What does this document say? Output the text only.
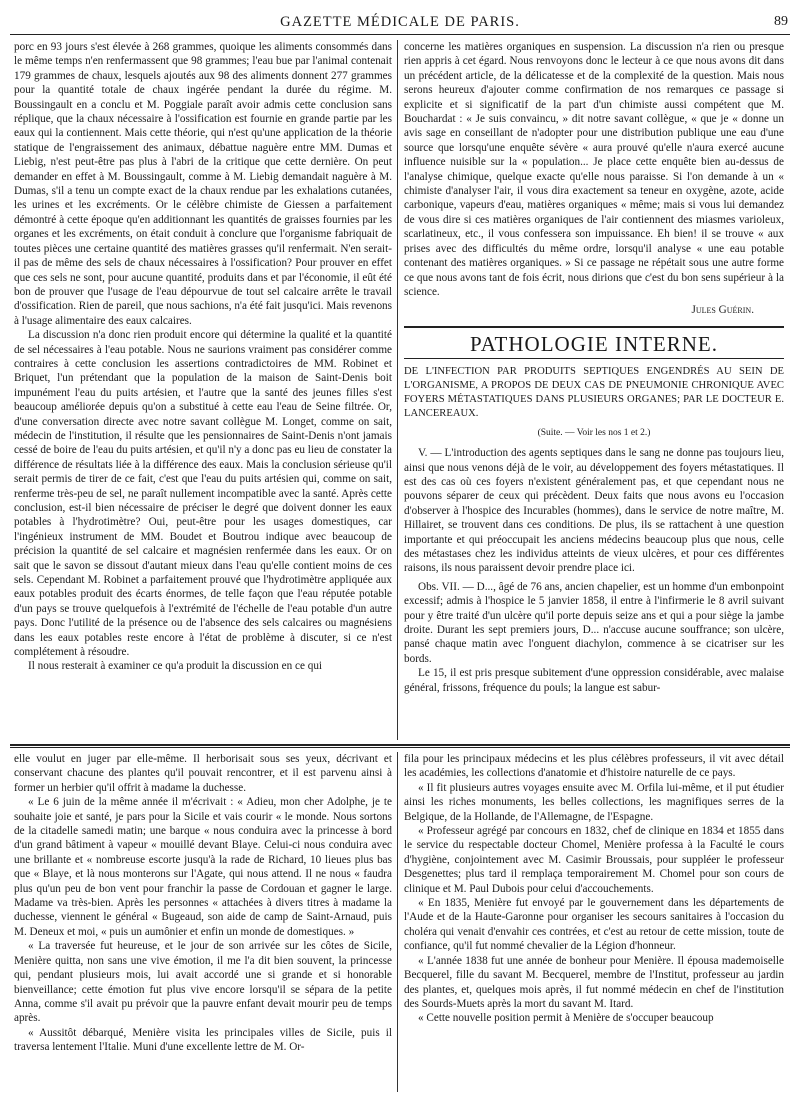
GAZETTE MÉDICALE DE PARIS.	89

porc en 93 jours s'est élevée à 268 grammes, quoique les aliments consommés dans le même temps n'en renfermassent que 98 grammes; l'eau bue par l'animal contenait 179 grammes de chaux, lesquels ajoutés aux 98 des aliments donnent 277 grammes pour la quantité totale de chaux ingérée pendant la durée du régime. M. Boussingault en a conclu et M. Poggiale paraît avoir admis cette conclusion sans réplique, que la chaux nécessaire à l'ossification est fournie en grande partie par les eaux qui la contiennent. Mais cette théorie, qui n'est qu'une application de la théorie statique de l'engraissement des animaux, débattue naguère entre MM. Dumas et Liebig, n'est peut-être pas plus à l'abri de la critique que cette dernière. On peut demander en effet à M. Boussingault, comme à M. Liebig demandait naguère à M. Dumas, s'il a tenu un compte exact de la chaux rendue par les exhalations cutanées, les urines et les excréments. Or le célèbre chimiste de Giessen a parfaitement démontré à cette époque qu'en additionnant les quantités de graisses fournies par les organes et les excréments, on était conduit à conclure que l'organisme fabriquait de toutes pièces une certaine quantité des matières grasses qu'il renfermait. N'en serait-il pas de même des sels de chaux nécessaires à l'ossification? Pour prouver en effet que ces sels ne sont, pour aucune quantité, produits dans et par l'économie, il eût été bon de prouver que l'usage de l'eau dépourvue de tout sel calcaire arrête le travail d'ossification. Rien de pareil, que nous sachions, n'a été fait jusqu'ici. Mais revenons à l'usage alimentaire des eaux calcaires.

La discussion n'a donc rien produit encore qui détermine la qualité et la quantité de sel nécessaires à l'eau potable. Nous ne saurions vraiment pas considérer comme contraires à cette conclusion les assertions contradictoires de MM. Robinet et Briquet, l'un prétendant que la population de la maison de Saint-Denis boit impunément l'eau du puits artésien, et l'autre que la santé des jeunes filles s'est beaucoup améliorée depuis qu'on a substitué à cette eau l'eau de Seine filtrée. Or, d'une conversation directe avec notre savant collègue M. Longet, comme on sait, médecin de l'institution, il résulte que les pensionnaires de Saint-Denis n'ont jamais cessé de boire de l'eau du puits artésien, et qu'il n'y a donc pas eu lieu de constater la différence de résultats liée à la différence des eaux. Mais la conclusion sérieuse qu'il serait permis de tirer de ce fait, c'est que l'eau du puits artésien qui, comme on sait, renferme très-peu de sel, ne paraît nullement incompatible avec la santé. Après cette conclusion, est-il bien nécessaire de préciser le degré que doivent donner les eaux potables à l'hydrotimètre? Oui, peut-être pour les usages domestiques, car l'ingénieux instrument de MM. Boudet et Boutrou indique avec beaucoup de précision la quantité de sel calcaire et magnésien renfermée dans les eaux. Or on sait que le savon se dissout d'autant mieux dans l'eau qu'elle contient moins de ces sels. Cependant M. Robinet a parfaitement prouvé que l'hydrotimètre appliquée aux eaux potables produit des écarts énormes, de telle façon que l'eau réputée potable d'un pays se trouve quelquefois à l'extrémité de l'échelle de l'eau potable d'un autre pays. Donc l'utilité de la présence ou de l'absence des sels calcaires ou magnésiens dans les eaux potables reste encore à l'état de problème à discuter, si ce n'est complétement à résoudre.

Il nous resterait à examiner ce qu'a produit la discussion en ce qui

concerne les matières organiques en suspension. La discussion n'a rien ou presque rien appris à cet égard. Nous renvoyons donc le lecteur à ce que nous avons dit dans un précédent article, de la délicatesse et de la complexité de la question. Mais nous serons heureux d'ajouter comme confirmation de nos remarques ce passage si explicite et si significatif de la part d'un chimiste aussi compétent que M. Bouchardat : « Je suis convaincu, » dit notre savant collègue, « que je « donne un avis sage en conseillant de n'adopter pour une distribution publique une eau d'une source que lorsqu'une enquête sévère « aura prouvé qu'elle n'aura exercé aucune influence nuisible sur la « population... Je place cette enquête bien au-dessus de l'analyse chimique, quelque exacte qu'elle nous paraisse. Si l'on demande à un « chimiste d'analyser l'air, il vous dira exactement sa teneur en oxygène, azote, acide carbonique, vapeurs d'eau, matières organiques « même; mais si vous lui demandez de vous dire si ces matières organiques de l'air contiennent des miasmes varioleux, scarlatineux, etc., il vous confessera son impuissance. Eh bien! il se trouve « aux prises avec des difficultés du même ordre, lorsqu'il analyse « une eau potable contenant des matières organiques. » Si ce passage ne répétait sous une autre forme ce que nous avons tant de fois écrit, nous dirions que c'est du bon sens supérieur à la science.

Jules Guérin.

PATHOLOGIE INTERNE.

DE L'INFECTION PAR PRODUITS SEPTIQUES ENGENDRÉS AU SEIN DE L'ORGANISME, A PROPOS DE DEUX CAS DE PNEUMONIE CHRONIQUE AVEC FOYERS MÉTASTATIQUES DANS PLUSIEURS ORGANES; PAR LE DOCTEUR E. LANCEREAUX.

(Suite. — Voir les nos 1 et 2.)

V. — L'introduction des agents septiques dans le sang ne donne pas toujours lieu, ainsi que nous venons déjà de le voir, au développement des foyers métastatiques. Il est des cas où ces foyers n'existent généralement pas, et que cependant nous ne pouvons séparer de ceux qui précèdent. Deux faits que nous avons eu l'occasion d'observer à l'hospice des Incurables (hommes), dans le service de notre maître, M. Hillairet, se trouvent dans ces conditions. De plus, ils se rattachent à une question importante et qui préoccupait les anciens médecins beaucoup plus que nous, celle des métastases chez les individus atteints de vieux ulcères, et pour ces différentes raisons, ils nous paraissent devoir prendre place ici.

Obs. VII. — D..., âgé de 76 ans, ancien chapelier, est un homme d'un embonpoint excessif; admis à l'hospice le 5 janvier 1858, il entre à l'infirmerie le 8 avril suivant pour y être traité d'un ulcère qu'il porte depuis seize ans et qui a pour siège la jambe droite. Durant les sept premiers jours, D... n'accuse aucune souffrance; son ulcère, pansé chaque matin avec l'onguent diachylon, commence à se cicatriser sur les bords.

Le 15, il est pris presque subitement d'une oppression considérable, avec malaise général, frissons, fréquence du pouls; la langue est sabur-

elle voulut en juger par elle-même. Il herborisait sous ses yeux, décrivant et conservant chacune des plantes qu'il pouvait rencontrer, et il est parvenu ainsi à former un herbier qu'il offrit à madame la duchesse.

« Le 6 juin de la même année il m'écrivait : « Adieu, mon cher Adolphe, je te souhaite joie et santé, je pars pour la Sicile et vais courir « le monde. Nous sortons de la citadelle samedi matin; une barque « nous conduira avec la princesse à bord d'un grand bâtiment à vapeur « mouillé devant Blaye. Celui-ci nous conduira avec une brillante et « nombreuse escorte jusqu'à la rade de Richard, 10 lieues plus bas que « Blaye, et là nous monterons sur l'Agate, qui nous attend. Il ne nous « faudra plus qu'un peu de bon vent pour franchir la passe de Cordouan et gagner le large. Madame va très-bien. Après les personnes « attachées à divers titres à madame la duchesse, viennent le général « Bugeaud, son aide de camp de Saint-Arnaud, puis M. Deneux et moi, « puis un aumônier et enfin un monde de domestiques. »

« La traversée fut heureuse, et le jour de son arrivée sur les côtes de Sicile, Menière quitta, non sans une vive émotion, il me l'a dit bien souvent, la princesse qui, pendant plusieurs mois, lui avait accordé une si grande et si honorable bienveillance; cette émotion fut plus vive encore lorsqu'il se sépara de la petite Anna, comme s'il avait pu prévoir que la pauvre enfant devait mourir peu de temps après.

« Aussitôt débarqué, Menière visita les principales villes de Sicile, puis il traversa lentement l'Italie. Muni d'une excellente lettre de M. Or-

fila pour les principaux médecins et les plus célèbres professeurs, il vit avec détail les académies, les collections d'anatomie et d'histoire naturelle de ce pays.

« Il fit plusieurs autres voyages ensuite avec M. Orfila lui-même, et il put étudier ainsi les riches monuments, les belles collections, les magnifiques serres de la Belgique, de la Hollande, de l'Allemagne, de l'Espagne.

« Professeur agrégé par concours en 1832, chef de clinique en 1834 et 1855 dans le service du respectable docteur Chomel, Menière professa à la Faculté le cours d'hygiène, conjointement avec M. Casimir Broussais, pour suppléer le professeur Desgenettes; plus tard il remplaça temporairement M. Chomel pour son cours de clinique et M. Paul Dubois pour celui d'accouchements.

« En 1835, Menière fut envoyé par le gouvernement dans les départements de l'Aude et de la Haute-Garonne pour organiser les secours sanitaires à l'occasion du choléra qui venait d'envahir ces contrées, et c'est au retour de cette mission, toute de confiance, qu'il fut nommé chevalier de la Légion d'honneur.

« L'année 1838 fut une année de bonheur pour Menière. Il épousa mademoiselle Becquerel, fille du savant M. Becquerel, membre de l'Institut, professeur au jardin des plantes, et, quelques mois après, il fut nommé médecin en chef de l'institution des Sourds-Muets après la mort du savant M. Itard.

« Cette nouvelle position permit à Menière de s'occuper beaucoup
